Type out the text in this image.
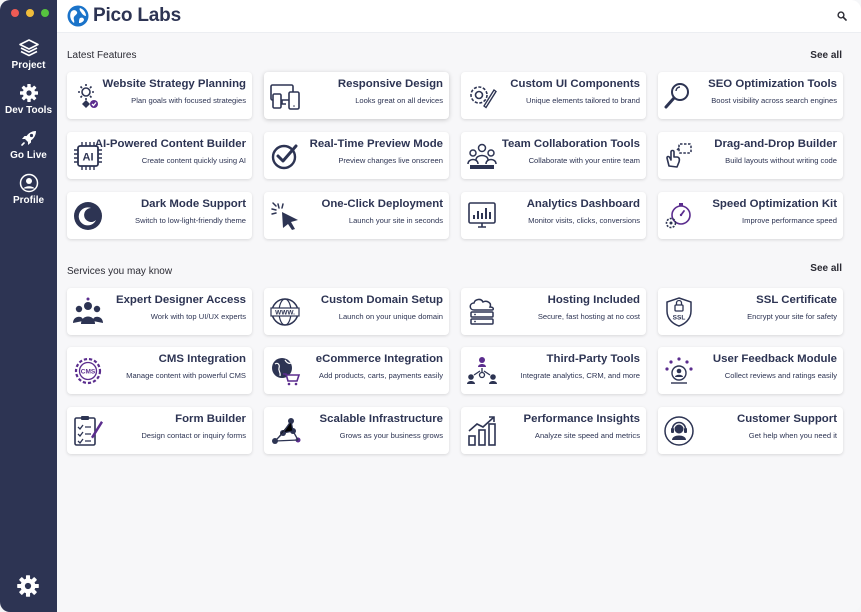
Project
Dev Tools
Go Live
Profile
Pico Labs
Latest Features	See all
Website Strategy Planning
Plan goals with focused strategies
Responsive Design
Looks great on all devices
Custom UI Components
Unique elements tailored to brand
SEO Optimization Tools
Boost visibility across search engines
AI
AI-Powered Content Builder
Create content quickly using AI
Real-Time Preview Mode
Preview changes live onscreen
Team Collaboration Tools
Collaborate with your entire team
Drag-and-Drop Builder
Build layouts without writing code
Dark Mode Support
Switch to low-light-friendly theme
One-Click Deployment
Launch your site in seconds
Analytics Dashboard
Monitor visits, clicks, conversions
Speed Optimization Kit
Improve performance speed
Services you may know	See all
Expert Designer Access
Work with top UI/UX experts	WWW.
Custom Domain Setup
Launch on your unique domain
Hosting Included
Secure, fast hosting at no cost	SSL
SSL Certificate
Encrypt your site for safety
CMS
CMS Integration
Manage content with powerful CMS
eCommerce Integration
Add products, carts, payments easily
Third-Party Tools
Integrate analytics, CRM, and more
User Feedback Module
Collect reviews and ratings easily
Form Builder
Design contact or inquiry forms
Scalable Infrastructure
Grows as your business grows
Performance Insights
Analyze site speed and metrics
Customer Support
Get help when you need it
